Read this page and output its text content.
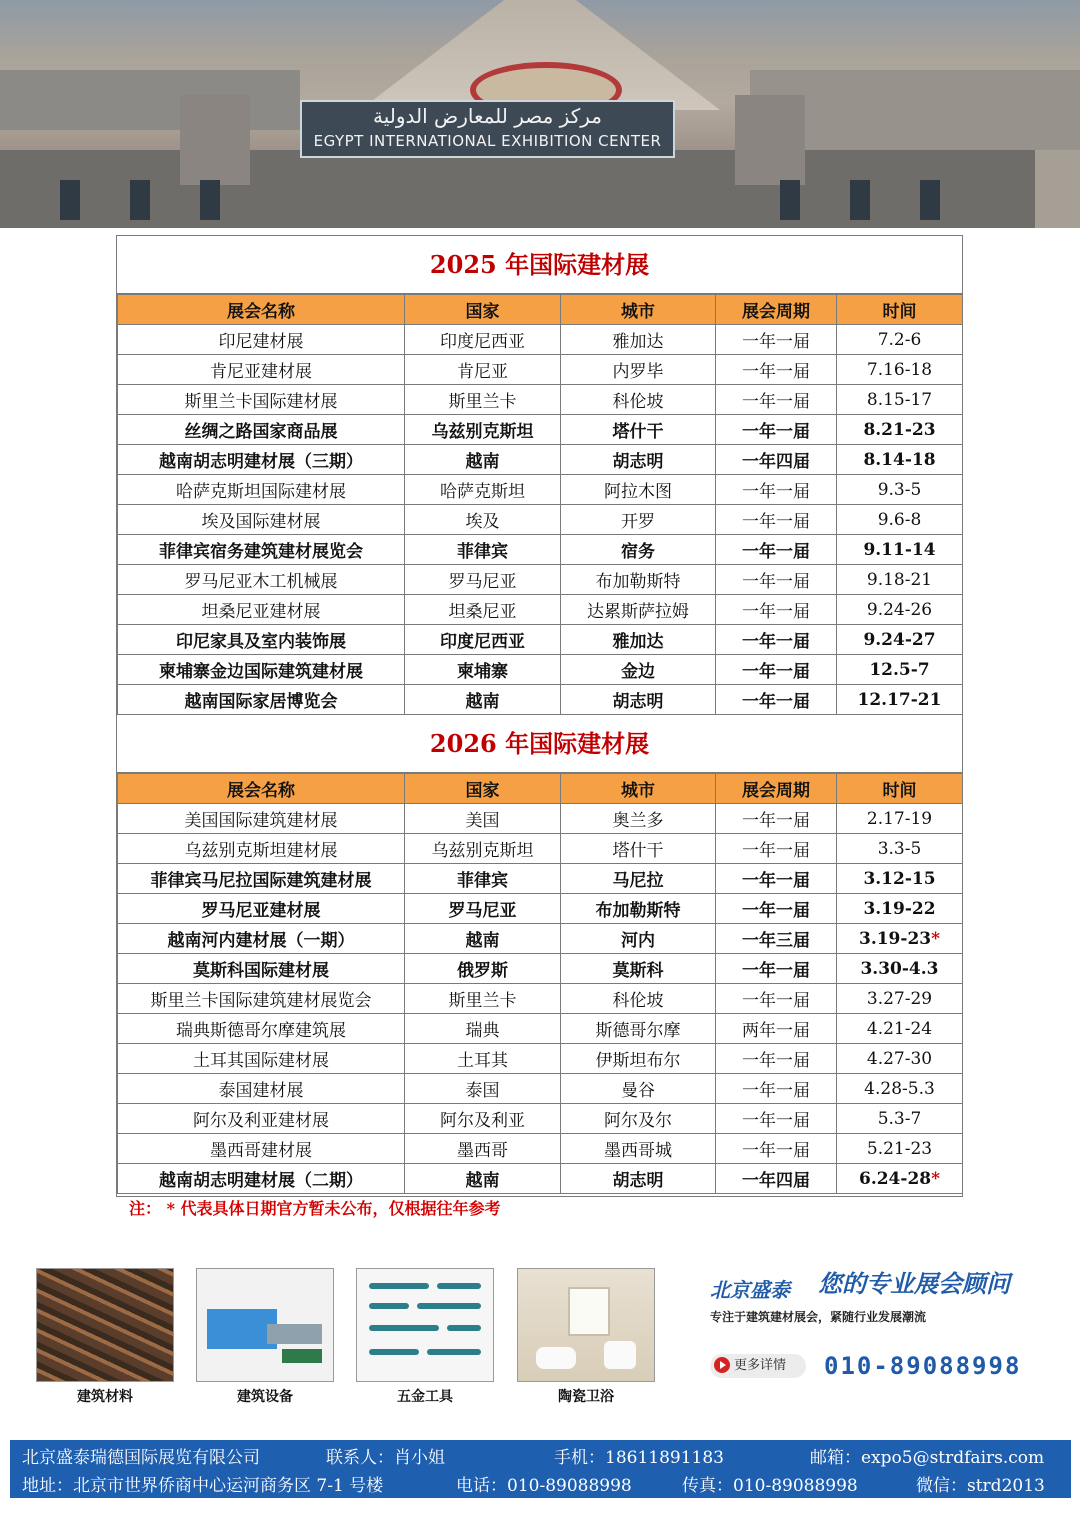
مركز مصر للمعارض الدولية
EGYPT INTERNATIONAL EXHIBITION CENTER
2025 年国际建材展
展会名称	国家	城市	展会周期	时间
印尼建材展	印度尼西亚	雅加达	一年一届	7.2-6
肯尼亚建材展	肯尼亚	内罗毕	一年一届	7.16-18
斯里兰卡国际建材展	斯里兰卡	科伦坡	一年一届	8.15-17
丝绸之路国家商品展	乌兹别克斯坦	塔什干	一年一届	8.21-23
越南胡志明建材展（三期）	越南	胡志明	一年四届	8.14-18
哈萨克斯坦国际建材展	哈萨克斯坦	阿拉木图	一年一届	9.3-5
埃及国际建材展	埃及	开罗	一年一届	9.6-8
菲律宾宿务建筑建材展览会	菲律宾	宿务	一年一届	9.11-14
罗马尼亚木工机械展	罗马尼亚	布加勒斯特	一年一届	9.18-21
坦桑尼亚建材展	坦桑尼亚	达累斯萨拉姆	一年一届	9.24-26
印尼家具及室内装饰展	印度尼西亚	雅加达	一年一届	9.24-27
柬埔寨金边国际建筑建材展	柬埔寨	金边	一年一届	12.5-7
越南国际家居博览会	越南	胡志明	一年一届	12.17-21
2026 年国际建材展
展会名称	国家	城市	展会周期	时间
美国国际建筑建材展	美国	奥兰多	一年一届	2.17-19
乌兹别克斯坦建材展	乌兹别克斯坦	塔什干	一年一届	3.3-5
菲律宾马尼拉国际建筑建材展	菲律宾	马尼拉	一年一届	3.12-15
罗马尼亚建材展	罗马尼亚	布加勒斯特	一年一届	3.19-22
越南河内建材展（一期）	越南	河内	一年三届	3.19-23*
莫斯科国际建材展	俄罗斯	莫斯科	一年一届	3.30-4.3
斯里兰卡国际建筑建材展览会	斯里兰卡	科伦坡	一年一届	3.27-29
瑞典斯德哥尔摩建筑展	瑞典	斯德哥尔摩	两年一届	4.21-24
土耳其国际建材展	土耳其	伊斯坦布尔	一年一届	4.27-30
泰国建材展	泰国	曼谷	一年一届	4.28-5.3
阿尔及利亚建材展	阿尔及利亚	阿尔及尔	一年一届	5.3-7
墨西哥建材展	墨西哥	墨西哥城	一年一届	5.21-23
越南胡志明建材展（二期）	越南	胡志明	一年四届	6.24-28*
注： * 代表具体日期官方暂未公布，仅根据往年参考
建筑材料	建筑设备	五金工具	陶瓷卫浴
北京盛泰 您的专业展会顾问
专注于建筑建材展会，紧随行业发展潮流
更多详情	010-89088998
北京盛泰瑞德国际展览有限公司	联系人：肖小姐	手机：18611891183	邮箱：expo5@strdfairs.com
地址：北京市世界侨商中心运河商务区 7-1 号楼	电话：010-89088998	传真：010-89088998	微信：strd2013
